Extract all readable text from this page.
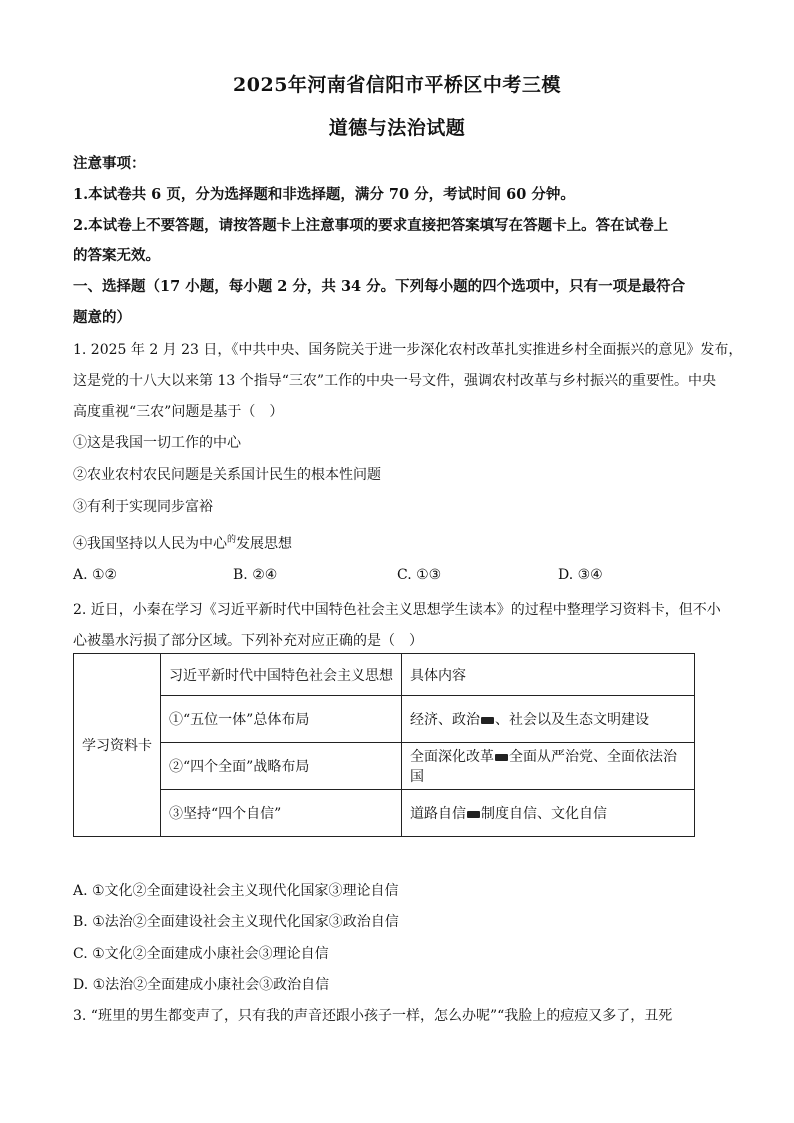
2025年河南省信阳市平桥区中考三模
道德与法治试题
注意事项：
1.本试卷共 6 页，分为选择题和非选择题，满分 70 分，考试时间 60 分钟。
2.本试卷上不要答题，请按答题卡上注意事项的要求直接把答案填写在答题卡上。答在试卷上
的答案无效。
一、选择题（17 小题，每小题 2 分，共 34 分。下列每小题的四个选项中，只有一项是最符合
题意的）
1. 2025 年 2 月 23 日，《中共中央、国务院关于进一步深化农村改革扎实推进乡村全面振兴的意见》发布，
这是党的十八大以来第 13 个指导“三农”工作的中央一号文件，强调农村改革与乡村振兴的重要性。中央
高度重视“三农”问题是基于（　）
①这是我国一切工作的中心
②农业农村农民问题是关系国计民生的根本性问题
③有利于实现同步富裕
④我国坚持以人民为中心$^的$发展思想
A. ①②	B. ②④	C. ①③	D. ③④
2. 近日，小秦在学习《习近平新时代中国特色社会主义思想学生读本》的过程中整理学习资料卡，但不小
心被墨水污损了部分区域。下列补充对应正确的是（　）
学习资料卡	习近平新时代中国特色社会主义思想	具体内容
	①“五位一体”总体布局	经济、政治 、社会以及生态文明建设
	②“四个全面”战略布局	全面深化改革 全面从严治党、全面依法治国
	③坚持“四个自信”	道路自信 制度自信、文化自信
A. ①文化②全面建设社会主义现代化国家③理论自信
B. ①法治②全面建设社会主义现代化国家③政治自信
C. ①文化②全面建成小康社会③理论自信
D. ①法治②全面建成小康社会③政治自信
3. “班里的男生都变声了，只有我的声音还跟小孩子一样，怎么办呢”“我脸上的痘痘又多了，丑死
